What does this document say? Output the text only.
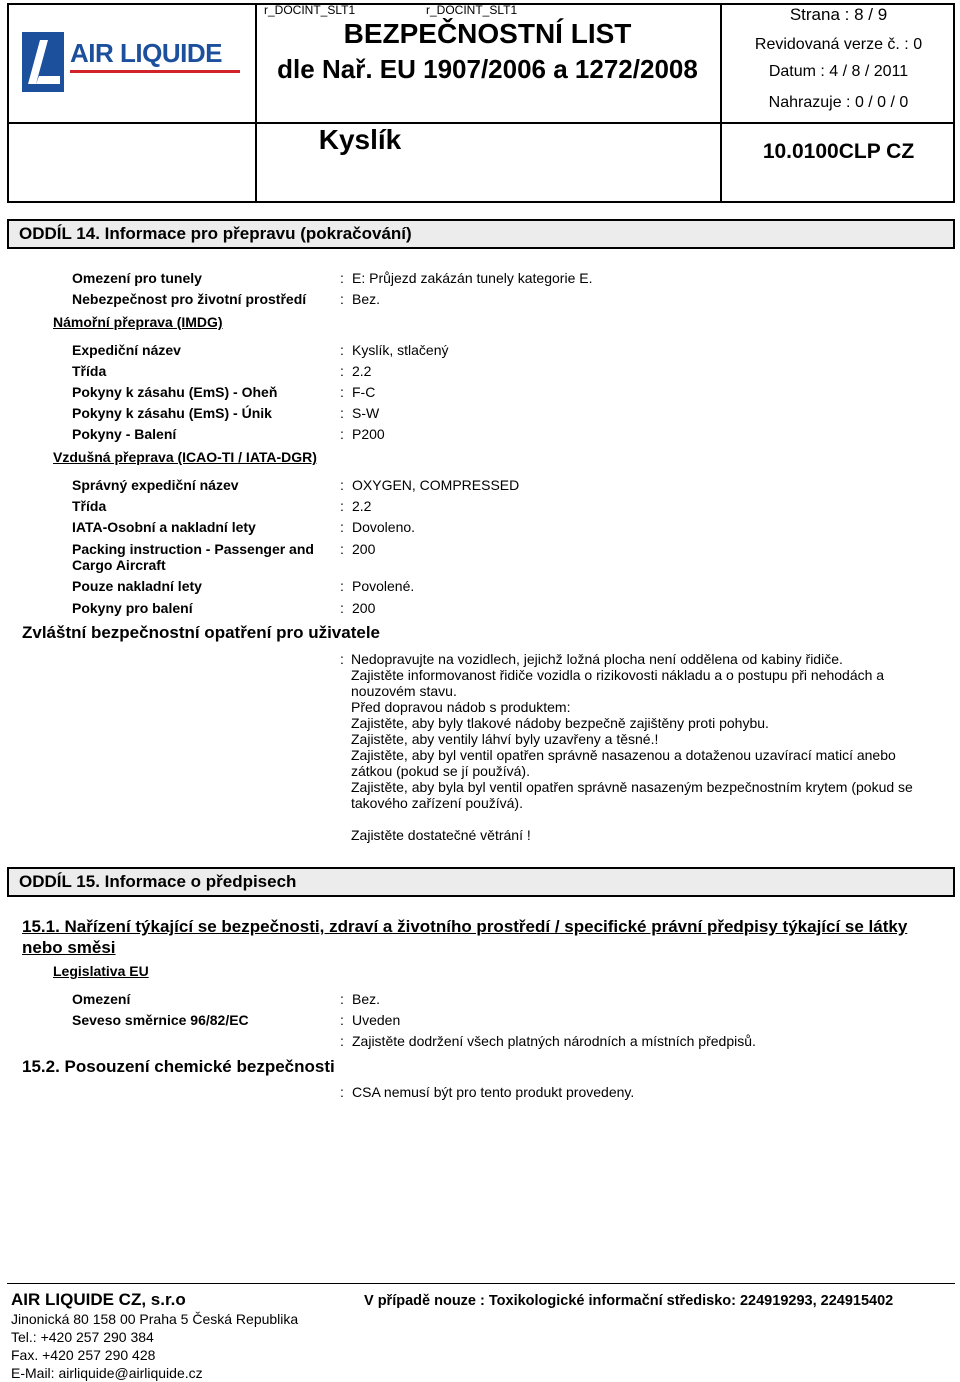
AIR LIQUIDE
r_DOCINT_SLT1	r_DOCINT_SLT1
BEZPEČNOSTNÍ LIST
dle Nař. EU 1907/2006 a 1272/2008
Kyslík
Strana : 8 / 9
Revidovaná verze č. : 0
Datum : 4 / 8 / 2011
Nahrazuje : 0 / 0 / 0
10.0100CLP CZ
ODDÍL 14. Informace pro přepravu (pokračování)
Omezení pro tunely	: E: Průjezd zakázán tunely kategorie E.
Nebezpečnost pro životní prostředí : Bez.
Námořní přeprava (IMDG)
Expediční název	: Kyslík, stlačený
Třída	: 2.2
Pokyny k zásahu (EmS) - Oheň	: F-C
Pokyny k zásahu (EmS) - Únik	: S-W
Pokyny - Balení	: P200
Vzdušná přeprava (ICAO-TI / IATA-DGR)
Správný expediční název	: OXYGEN, COMPRESSED
Třída	: 2.2
IATA-Osobní a nakladní lety	: Dovoleno.
Packing instruction - Passenger and
Cargo Aircraft
: 200
Pouze nakladní lety	: Povolené.
Pokyny pro balení	: 200
Zvláštní bezpečnostní opatření pro uživatele
: Nedopravujte na vozidlech, jejichž ložná plocha není oddělena od kabiny řidiče.
Zajistěte informovanost řidiče vozidla o rizikovosti nákladu a o postupu při nehodách a
nouzovém stavu.
Před dopravou nádob s produktem:
Zajistěte, aby byly tlakové nádoby bezpečně zajištěny proti pohybu.
Zajistěte, aby ventily láhví byly uzavřeny a těsné.!
Zajistěte, aby byl ventil opatřen správně nasazenou a dotaženou uzavírací maticí anebo
zátkou (pokud se jí používá).
Zajistěte, aby byla byl ventil opatřen správně nasazeným bezpečnostním krytem (pokud se
takového zařízení používá).
Zajistěte dostatečné větrání !
ODDÍL 15. Informace o předpisech
15.1. Nařízení týkající se bezpečnosti, zdraví a životního prostředí / specifické právní předpisy týkající se látky
nebo směsi
Legislativa EU
Omezení	: Bez.
Seveso směrnice 96/82/EC	: Uveden
: Zajistěte dodržení všech platných národních a místních předpisů.
15.2. Posouzení chemické bezpečnosti
: CSA nemusí být pro tento produkt provedeny.
AIR LIQUIDE CZ, s.r.o	V případě nouze : Toxikologické informační středisko: 224919293, 224915402
Jinonická 80 158 00 Praha 5 Česká Republika
Tel.: +420 257 290 384
Fax. +420 257 290 428
E-Mail: airliquide@airliquide.cz
